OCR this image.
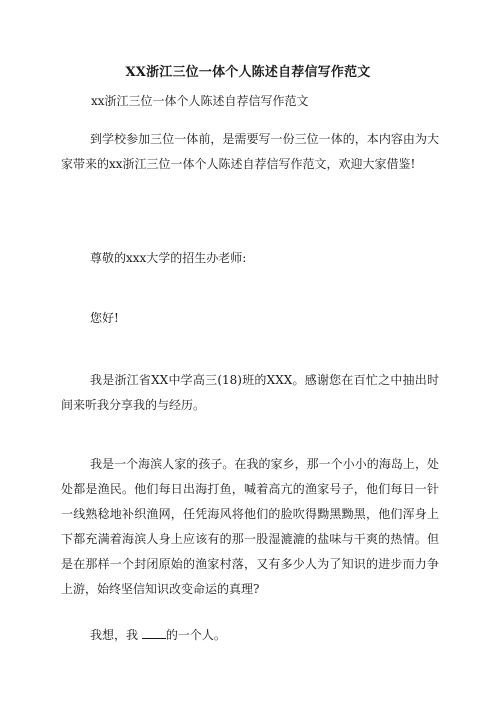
XX浙江三位一体个人陈述自荐信写作范文
xx浙江三位一体个人陈述自荐信写作范文

到学校参加三位一体前，是需要写一份三位一体的，本内容由为大家带来的xx浙江三位一体个人陈述自荐信写作范文，欢迎大家借鉴!

尊敬的xxx大学的招生办老师:

您好!

我是浙江省XX中学高三(18)班的XXX。感谢您在百忙之中抽出时间来听我分享我的与经历。

我是一个海滨人家的孩子。在我的家乡，那一个小小的海岛上，处处都是渔民。他们每日出海打鱼，喊着高亢的渔家号子，他们每日一针一线熟稔地补织渔网，任凭海风将他们的脸吹得黝黑黝黑，他们浑身上下都充满着海滨人身上应该有的那一股湿漉漉的盐味与干爽的热情。但是在那样一个封闭原始的渔家村落，又有多少人为了知识的进步而力争上游，始终坚信知识改变命运的真理?

我想，我 的一个人。
